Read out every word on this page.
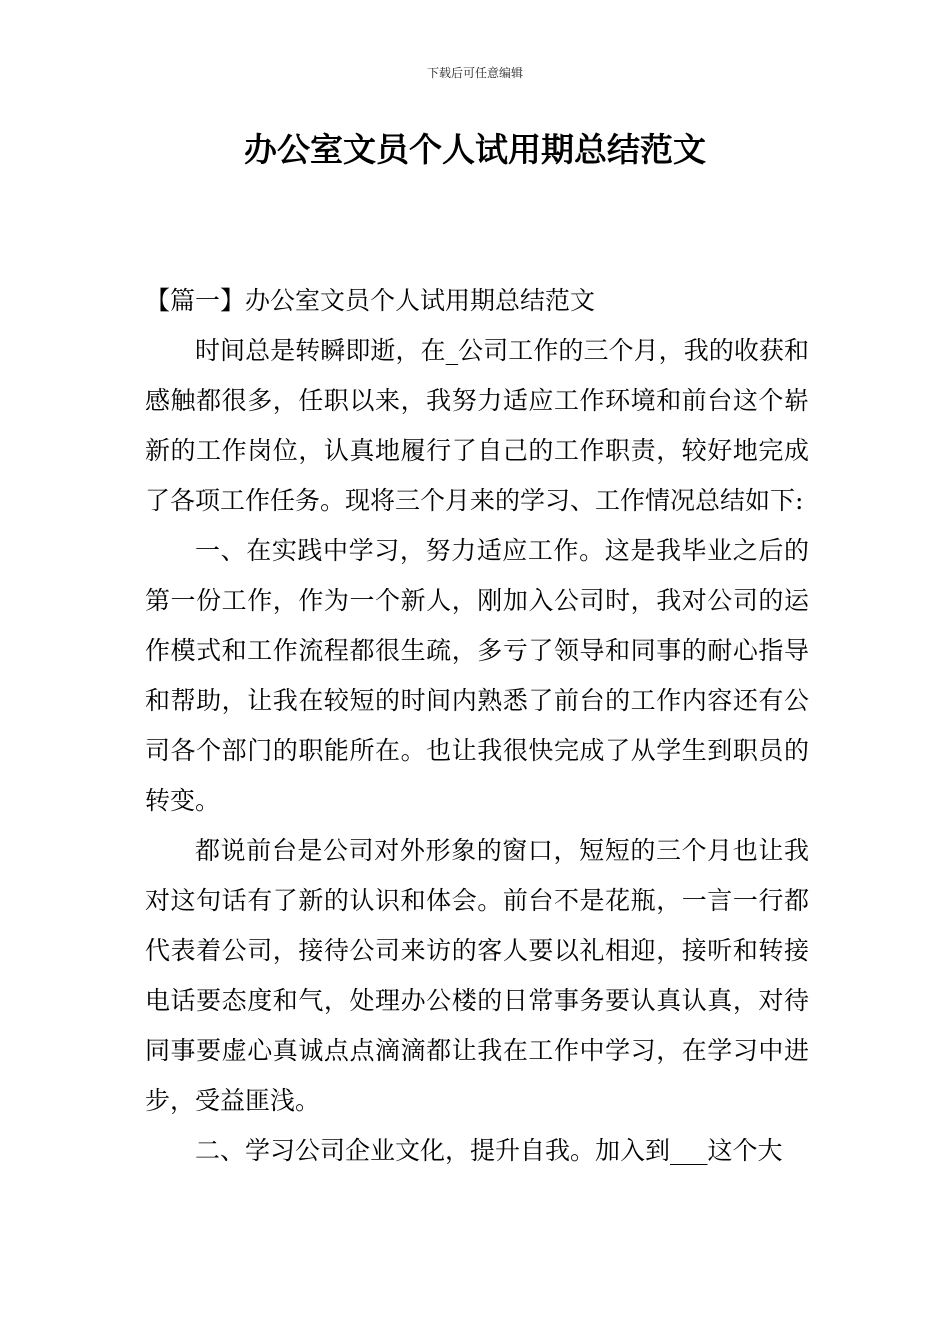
下载后可任意编辑
办公室文员个人试用期总结范文

【篇一】办公室文员个人试用期总结范文

时间总是转瞬即逝，在_公司工作的三个月，我的收获和感触都很多，任职以来，我努力适应工作环境和前台这个崭新的工作岗位，认真地履行了自己的工作职责，较好地完成了各项工作任务。现将三个月来的学习、工作情况总结如下:

一、在实践中学习，努力适应工作。这是我毕业之后的第一份工作，作为一个新人，刚加入公司时，我对公司的运作模式和工作流程都很生疏，多亏了领导和同事的耐心指导和帮助，让我在较短的时间内熟悉了前台的工作内容还有公司各个部门的职能所在。也让我很快完成了从学生到职员的转变。

都说前台是公司对外形象的窗口，短短的三个月也让我对这句话有了新的认识和体会。前台不是花瓶，一言一行都代表着公司，接待公司来访的客人要以礼相迎，接听和转接电话要态度和气，处理办公楼的日常事务要认真认真，对待同事要虚心真诚点点滴滴都让我在工作中学习，在学习中进步，受益匪浅。

二、学习公司企业文化，提升自我。加入到___这个大
